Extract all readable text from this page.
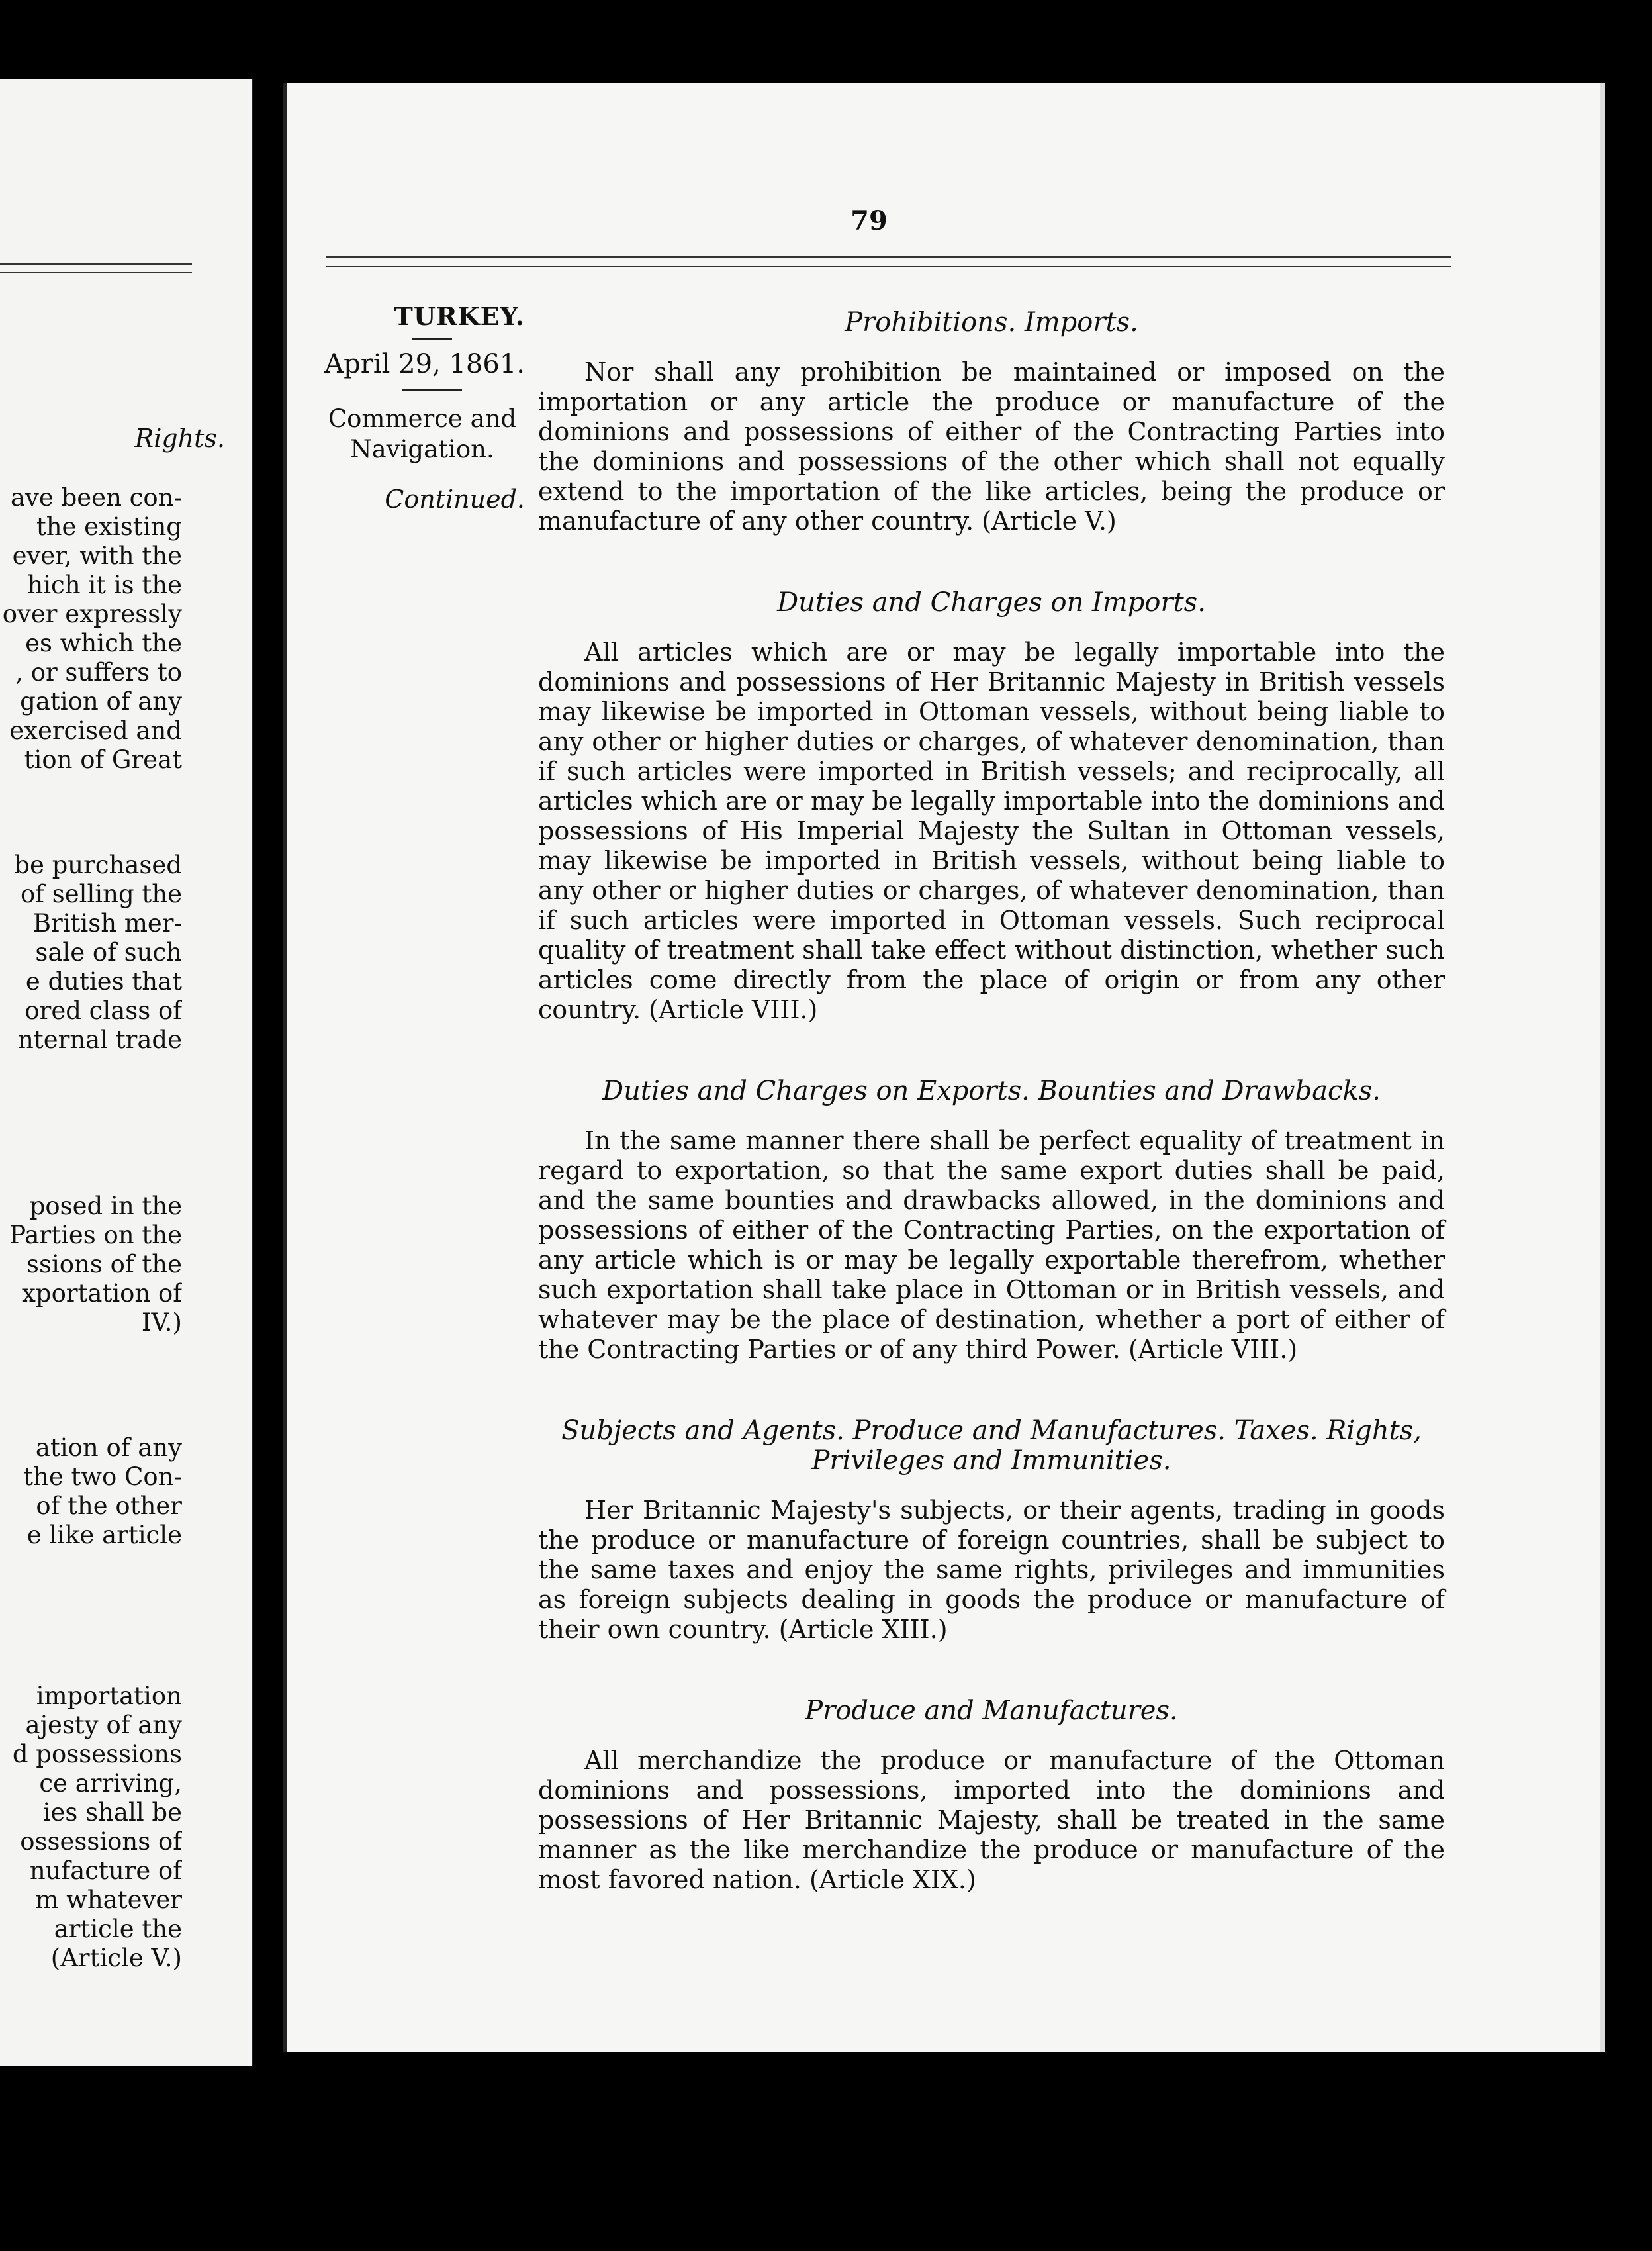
Rights.
ave been con-
the existing
ever, with the
hich it is the
over expressly
es which the
, or suffers to
gation of any
exercised and
tion of Great
be purchased
of selling the
British mer-
sale of such
e duties that
ored class of
nternal trade
posed in the
Parties on the
ssions of the
xportation of
IV.)
ation of any
the two Con-
of the other
e like article
importation
ajesty of any
d possessions
ce arriving,
ies shall be
ossessions of
nufacture of
m whatever
article the
(Article V.)
79
TURKEY.
April 29, 1861.
Commerce and Navigation.
Continued.
Prohibitions. Imports.

Nor shall any prohibition be maintained or imposed on the importation or any article the produce or manufacture of the dominions and possessions of either of the Contracting Parties into the dominions and possessions of the other which shall not equally extend to the importation of the like articles, being the produce or manufacture of any other country. (Article V.)

Duties and Charges on Imports.

All articles which are or may be legally importable into the dominions and possessions of Her Britannic Majesty in British vessels may likewise be imported in Ottoman vessels, without being liable to any other or higher duties or charges, of whatever denomination, than if such articles were imported in British vessels; and reciprocally, all articles which are or may be legally importable into the dominions and possessions of His Imperial Majesty the Sultan in Ottoman vessels, may likewise be imported in British vessels, without being liable to any other or higher duties or charges, of whatever denomination, than if such articles were imported in Ottoman vessels. Such reciprocal quality of treatment shall take effect without distinction, whether such articles come directly from the place of origin or from any other country. (Article VIII.)

Duties and Charges on Exports. Bounties and Drawbacks.

In the same manner there shall be perfect equality of treatment in regard to exportation, so that the same export duties shall be paid, and the same bounties and drawbacks allowed, in the dominions and possessions of either of the Contracting Parties, on the exportation of any article which is or may be legally exportable therefrom, whether such exportation shall take place in Ottoman or in British vessels, and whatever may be the place of destination, whether a port of either of the Contracting Parties or of any third Power. (Article VIII.)

Subjects and Agents. Produce and Manufactures. Taxes. Rights, Privileges and Immunities.

Her Britannic Majesty's subjects, or their agents, trading in goods the produce or manufacture of foreign countries, shall be subject to the same taxes and enjoy the same rights, privileges and immunities as foreign subjects dealing in goods the produce or manufacture of their own country. (Article XIII.)

Produce and Manufactures.

All merchandize the produce or manufacture of the Ottoman dominions and possessions, imported into the dominions and possessions of Her Britannic Majesty, shall be treated in the same manner as the like merchandize the produce or manufacture of the most favored nation. (Article XIX.)
